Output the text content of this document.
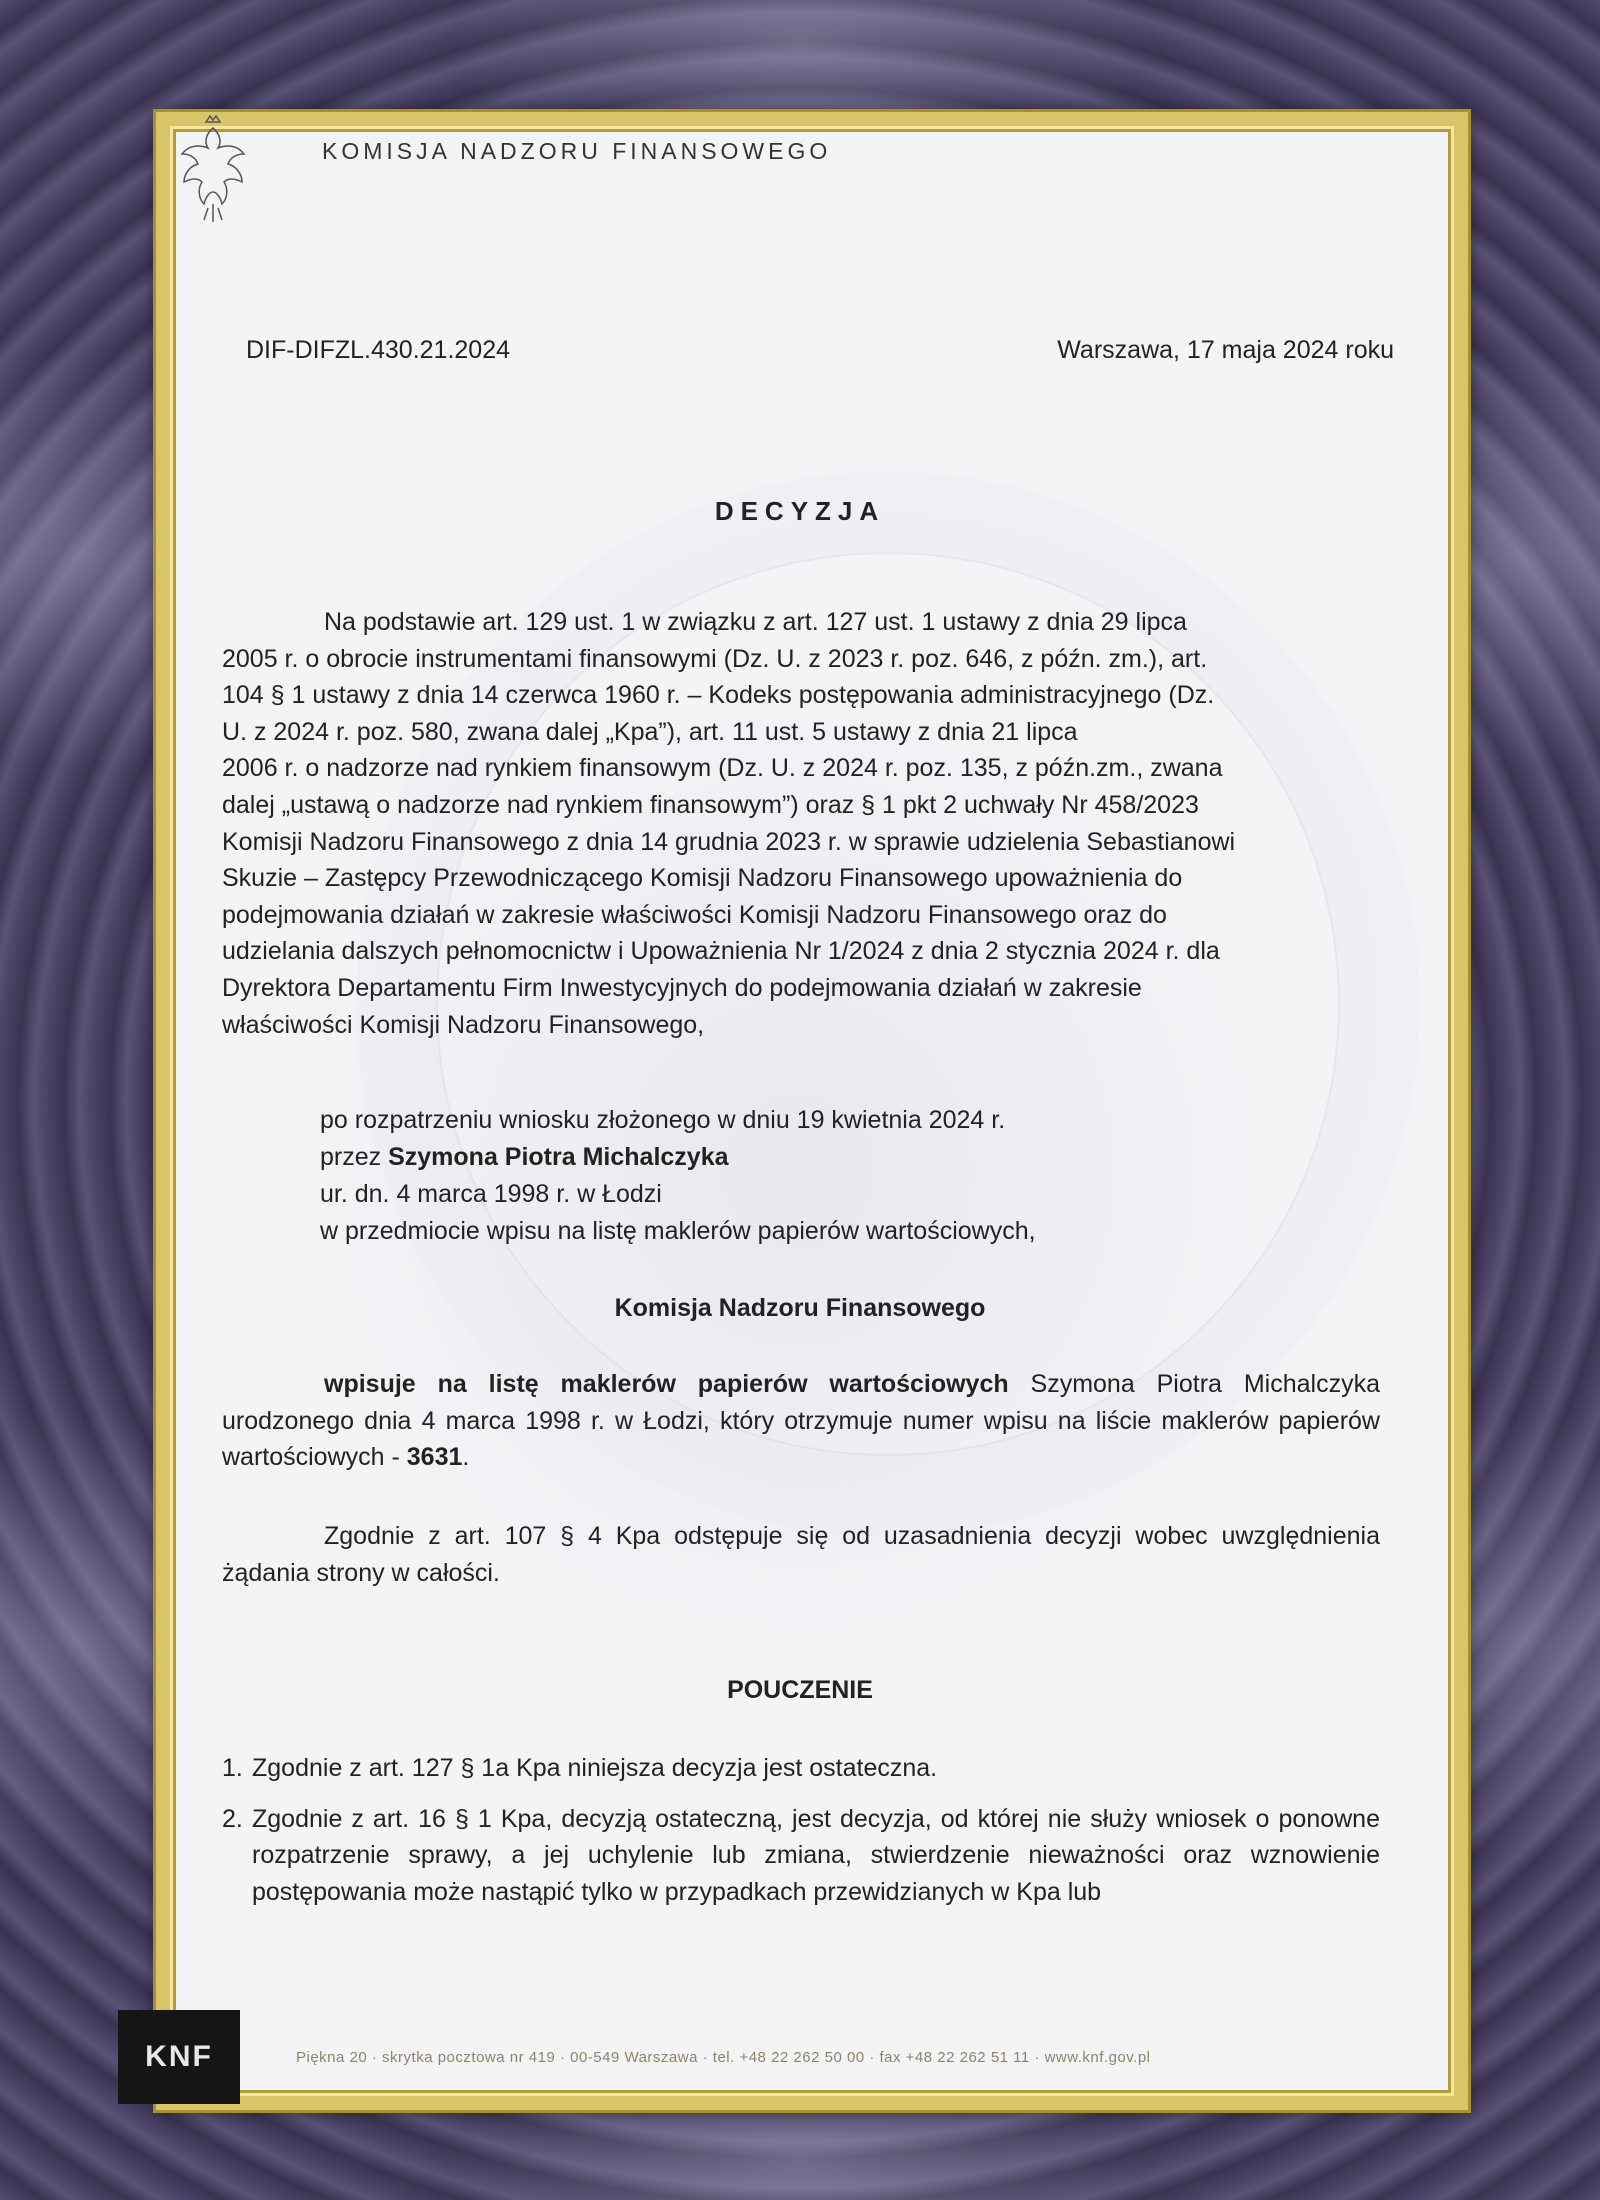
KOMISJA NADZORU FINANSOWEGO
DIF-DIFZL.430.21.2024	Warszawa, 17 maja 2024 roku
DECYZJA
Na podstawie art. 129 ust. 1 w związku z art. 127 ust. 1 ustawy z dnia 29 lipca
2005 r. o obrocie instrumentami finansowymi (Dz. U. z 2023 r. poz. 646, z późn. zm.), art.
104 § 1 ustawy z dnia 14 czerwca 1960 r. – Kodeks postępowania administracyjnego (Dz.
U. z 2024 r. poz. 580, zwana dalej „Kpa”), art. 11 ust. 5 ustawy z dnia 21 lipca
2006 r. o nadzorze nad rynkiem finansowym (Dz. U. z 2024 r. poz. 135, z późn.zm., zwana
dalej „ustawą o nadzorze nad rynkiem finansowym”) oraz § 1 pkt 2 uchwały Nr 458/2023
Komisji Nadzoru Finansowego z dnia 14 grudnia 2023 r. w sprawie udzielenia Sebastianowi
Skuzie – Zastępcy Przewodniczącego Komisji Nadzoru Finansowego upoważnienia do
podejmowania działań w zakresie właściwości Komisji Nadzoru Finansowego oraz do
udzielania dalszych pełnomocnictw i Upoważnienia Nr 1/2024 z dnia 2 stycznia 2024 r. dla
Dyrektora Departamentu Firm Inwestycyjnych do podejmowania działań w zakresie
właściwości Komisji Nadzoru Finansowego,
po rozpatrzeniu wniosku złożonego w dniu 19 kwietnia 2024 r.
przez Szymona Piotra Michalczyka
ur. dn. 4 marca 1998 r. w Łodzi
w przedmiocie wpisu na listę maklerów papierów wartościowych,
Komisja Nadzoru Finansowego
wpisuje na listę maklerów papierów wartościowych Szymona Piotra Michalczyka urodzonego dnia 4 marca 1998 r. w Łodzi, który otrzymuje numer wpisu na liście maklerów papierów wartościowych - 3631.
Zgodnie z art. 107 § 4 Kpa odstępuje się od uzasadnienia decyzji wobec uwzględnienia żądania strony w całości.
POUCZENIE
1. Zgodnie z art. 127 § 1a Kpa niniejsza decyzja jest ostateczna.
2. Zgodnie z art. 16 § 1 Kpa, decyzją ostateczną, jest decyzja, od której nie służy wniosek o ponowne rozpatrzenie sprawy, a jej uchylenie lub zmiana, stwierdzenie nieważności oraz wznowienie postępowania może nastąpić tylko w przypadkach przewidzianych w Kpa lub
KNF	Piękna 20 · skrytka pocztowa nr 419 · 00-549 Warszawa · tel. +48 22 262 50 00 · fax +48 22 262 51 11 · www.knf.gov.pl
